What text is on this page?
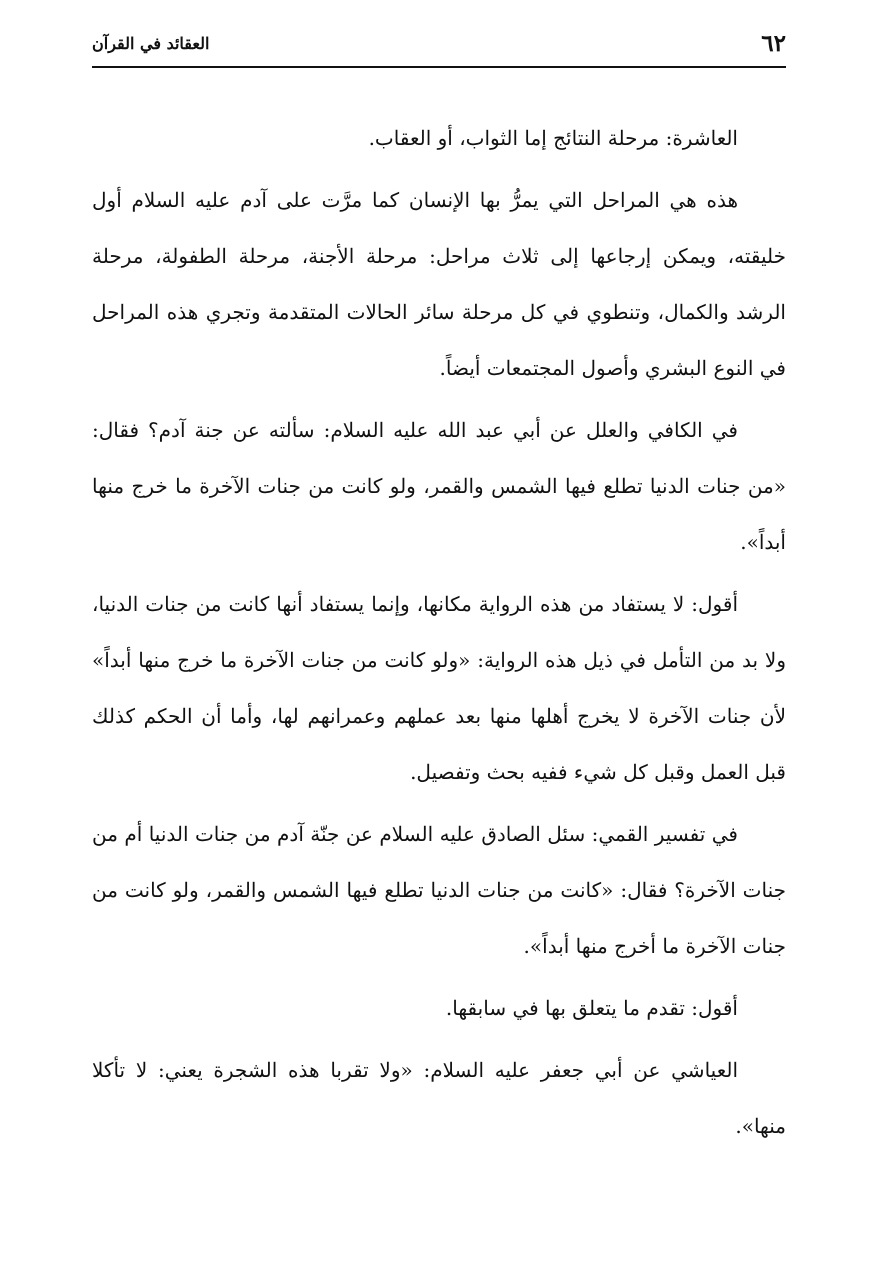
٦٢
العقائد في القرآن

العاشرة: مرحلة النتائج إما الثواب، أو العقاب.

هذه هي المراحل التي يمرُّ بها الإنسان كما مرَّت على آدم عليه السلام أول خليقته، ويمكن إرجاعها إلى ثلاث مراحل: مرحلة الأجنة، مرحلة الطفولة، مرحلة الرشد والكمال، وتنطوي في كل مرحلة سائر الحالات المتقدمة وتجري هذه المراحل في النوع البشري وأصول المجتمعات أيضاً.

في الكافي والعلل عن أبي عبد الله عليه السلام: سألته عن جنة آدم؟ فقال: «من جنات الدنيا تطلع فيها الشمس والقمر، ولو كانت من جنات الآخرة ما خرج منها أبداً».

أقول: لا يستفاد من هذه الرواية مكانها، وإنما يستفاد أنها كانت من جنات الدنيا، ولا بد من التأمل في ذيل هذه الرواية: «ولو كانت من جنات الآخرة ما خرج منها أبداً» لأن جنات الآخرة لا يخرج أهلها منها بعد عملهم وعمرانهم لها، وأما أن الحكم كذلك قبل العمل وقبل كل شيء ففيه بحث وتفصيل.

في تفسير القمي: سئل الصادق عليه السلام عن جنّة آدم من جنات الدنيا أم من جنات الآخرة؟ فقال: «كانت من جنات الدنيا تطلع فيها الشمس والقمر، ولو كانت من جنات الآخرة ما أخرج منها أبداً».

أقول: تقدم ما يتعلق بها في سابقها.

العياشي عن أبي جعفر عليه السلام: «ولا تقربا هذه الشجرة يعني: لا تأكلا منها».
